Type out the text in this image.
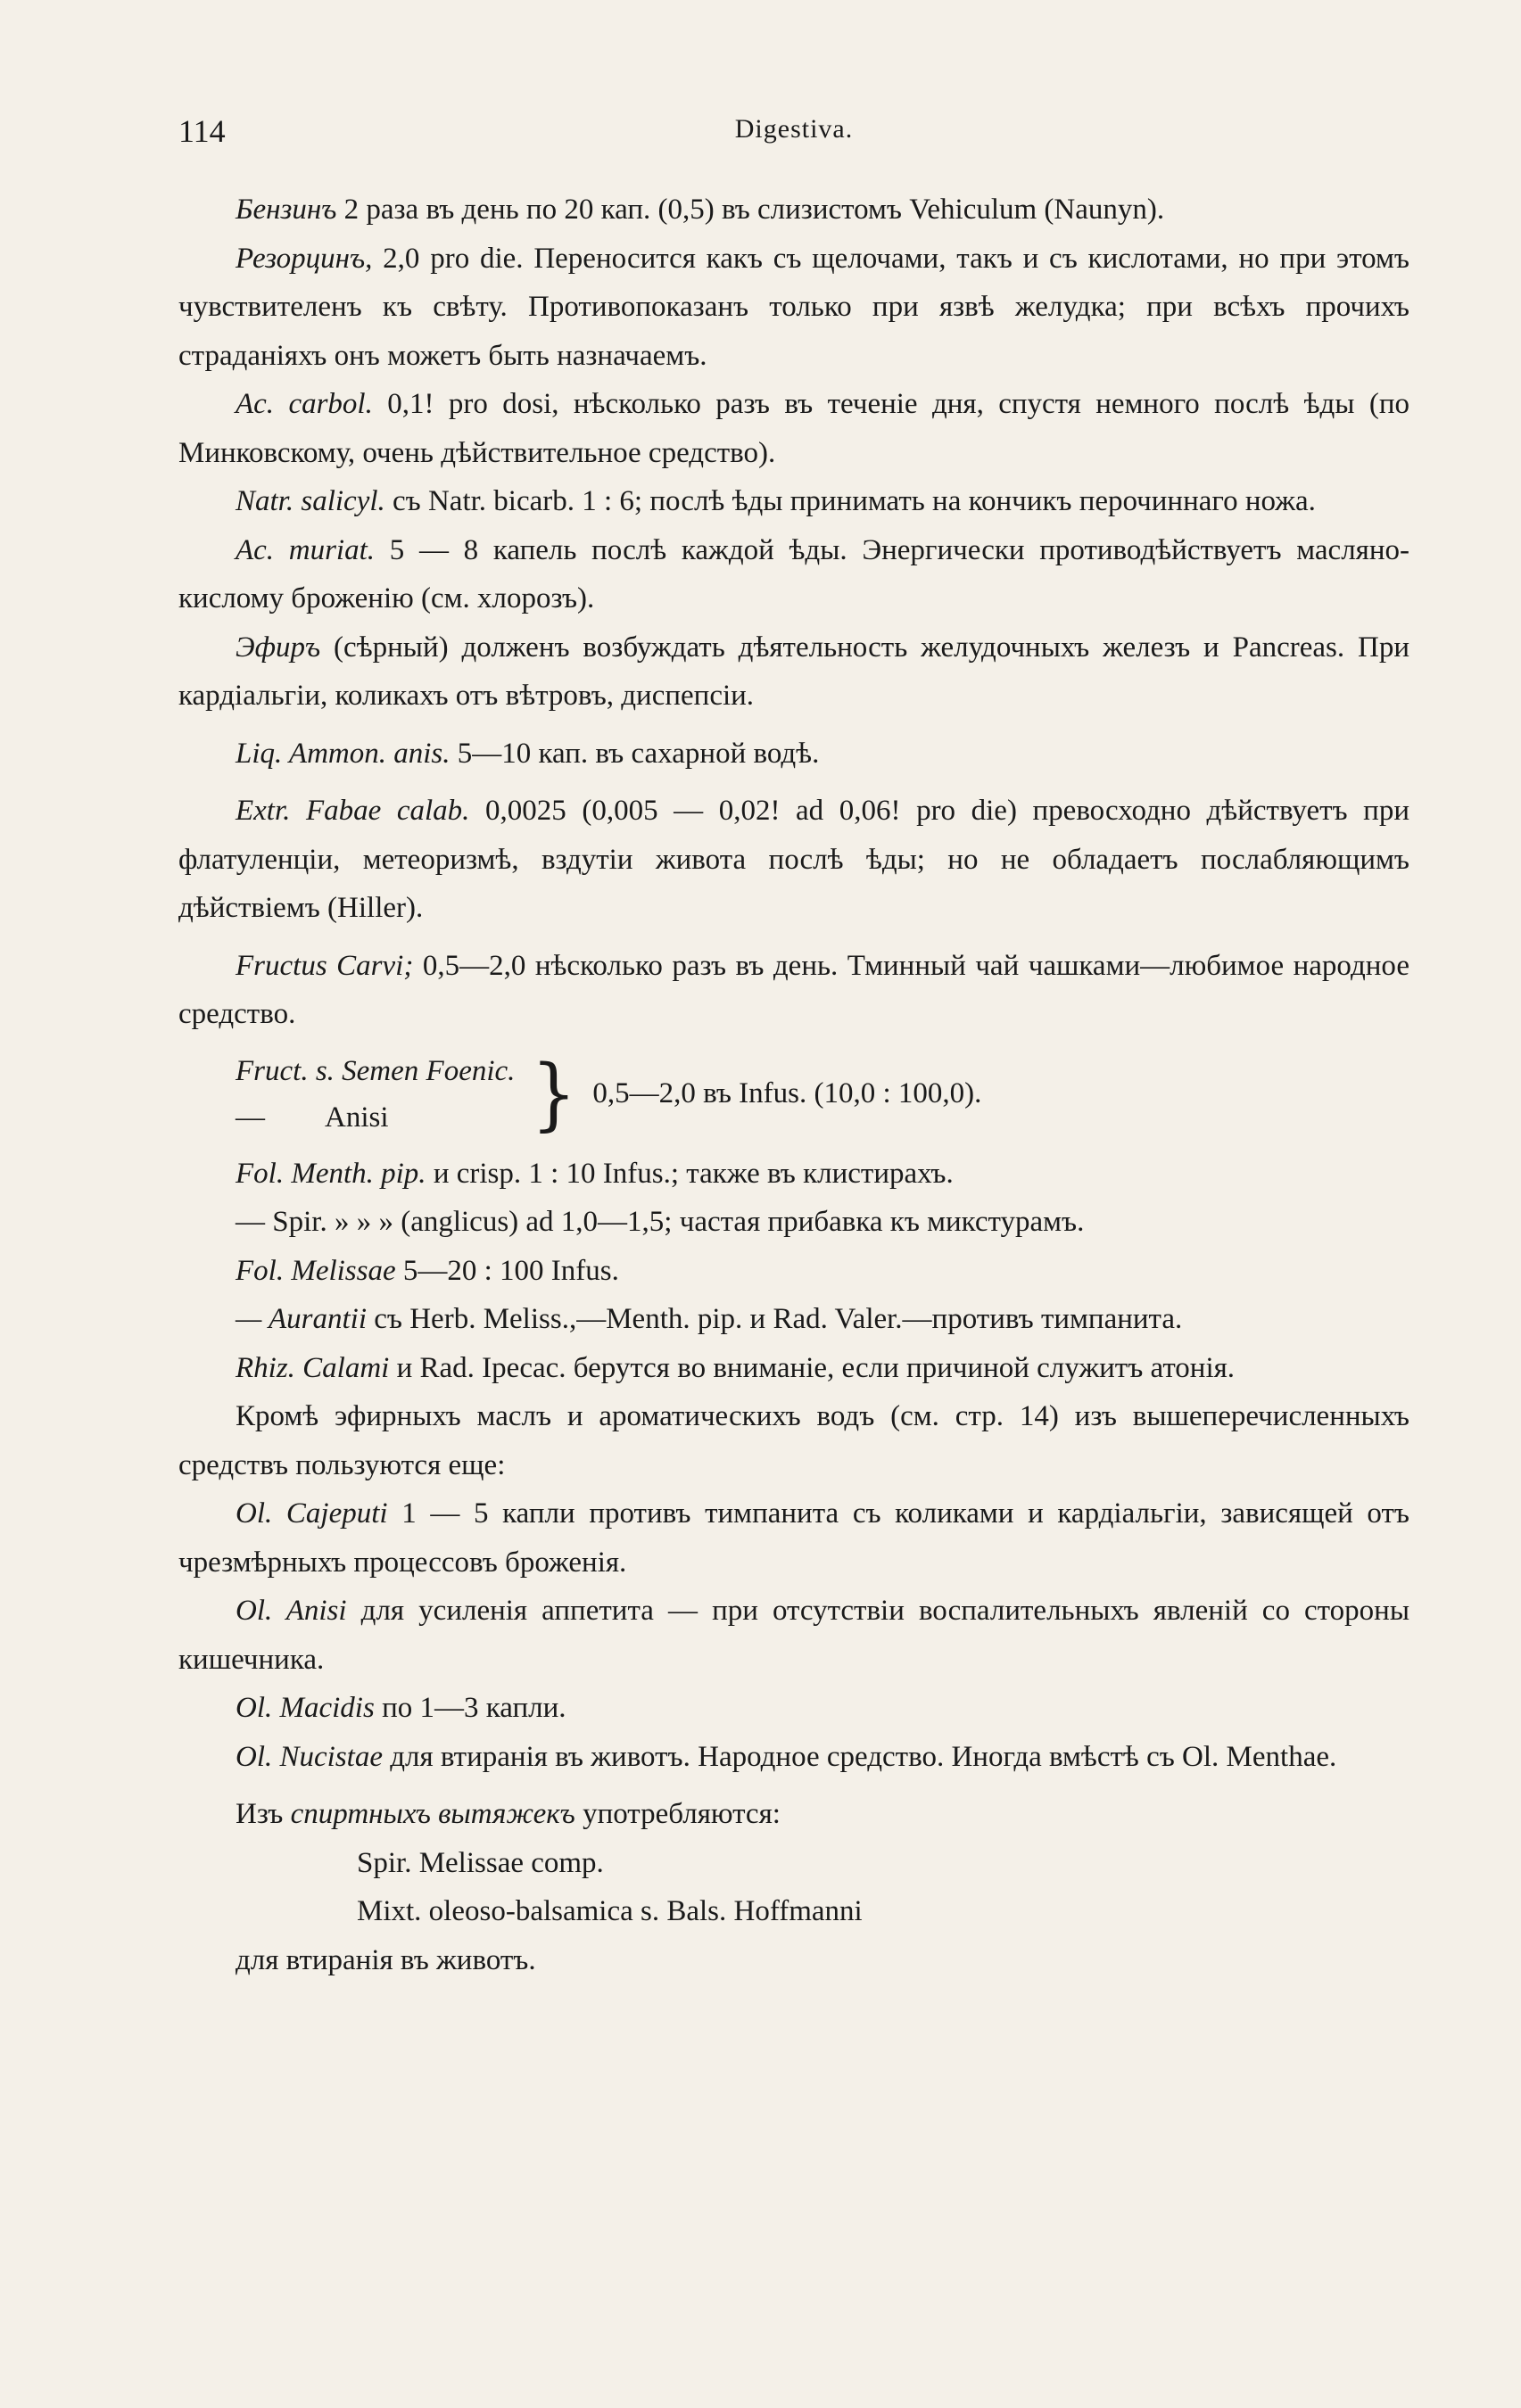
114	Digestiva.

Бензинъ 2 раза въ день по 20 кап. (0,5) въ слизистомъ Vehiculum (Naunyn).

Резорцинъ, 2,0 pro die. Переносится какъ съ щелочами, такъ и съ кислотами, но при этомъ чувствителенъ къ свѣту. Противопоказанъ только при язвѣ желудка; при всѣхъ прочихъ страданіяхъ онъ можетъ быть назначаемъ.

Ac. carbol. 0,1! pro dosi, нѣсколько разъ въ теченіе дня, спустя немного послѣ ѣды (по Минковскому, очень дѣйствительное средство).

Natr. salicyl. съ Natr. bicarb. 1 : 6; послѣ ѣды принимать на кончикъ перочиннаго ножа.

Ac. muriat. 5 — 8 капель послѣ каждой ѣды. Энергически противодѣйствуетъ масляно-кислому броженію (см. хлорозъ).

Эфиръ (сѣрный) долженъ возбуждать дѣятельность желудочныхъ железъ и Pancreas. При кардіальгіи, коликахъ отъ вѣтровъ, диспепсіи.

Liq. Ammon. anis. 5—10 кап. въ сахарной водѣ.

Extr. Fabae calab. 0,0025 (0,005 — 0,02! ad 0,06! pro die) превосходно дѣйствуетъ при флатуленціи, метеоризмѣ, вздутіи живота послѣ ѣды; но не обладаетъ послабляющимъ дѣйствіемъ (Hiller).

Fructus Carvi; 0,5—2,0 нѣсколько разъ въ день. Тминный чай чашками—любимое народное средство.

Fruct. s. Semen Foenic.
— Anisi	} 0,5—2,0 въ Infus. (10,0 : 100,0).

Fol. Menth. pip. и crisp. 1 : 10 Infus.; также въ клистирахъ.

— Spir. » » » (anglicus) ad 1,0—1,5; частая прибавка къ микстурамъ.

Fol. Melissae 5—20 : 100 Infus.

— Aurantii съ Herb. Meliss.,—Menth. pip. и Rad. Valer.—противъ тимпанита.

Rhiz. Calami и Rad. Ipecac. берутся во вниманіе, если причиной служитъ атонія.

Кромѣ эфирныхъ маслъ и ароматическихъ водъ (см. стр. 14) изъ вышеперечисленныхъ средствъ пользуются еще:

Ol. Cajeputi 1 — 5 капли противъ тимпанита съ коликами и кардіальгіи, зависящей отъ чрезмѣрныхъ процессовъ броженія.

Ol. Anisi для усиленія аппетита — при отсутствіи воспалительныхъ явленій со стороны кишечника.

Ol. Macidis по 1—3 капли.

Ol. Nucistae для втиранія въ животъ. Народное средство. Иногда вмѣстѣ съ Ol. Menthae.

Изъ спиртныхъ вытяжекъ употребляются:

Spir. Melissae comp.

Mixt. oleoso-balsamica s. Bals. Hoffmanni

для втиранія въ животъ.
